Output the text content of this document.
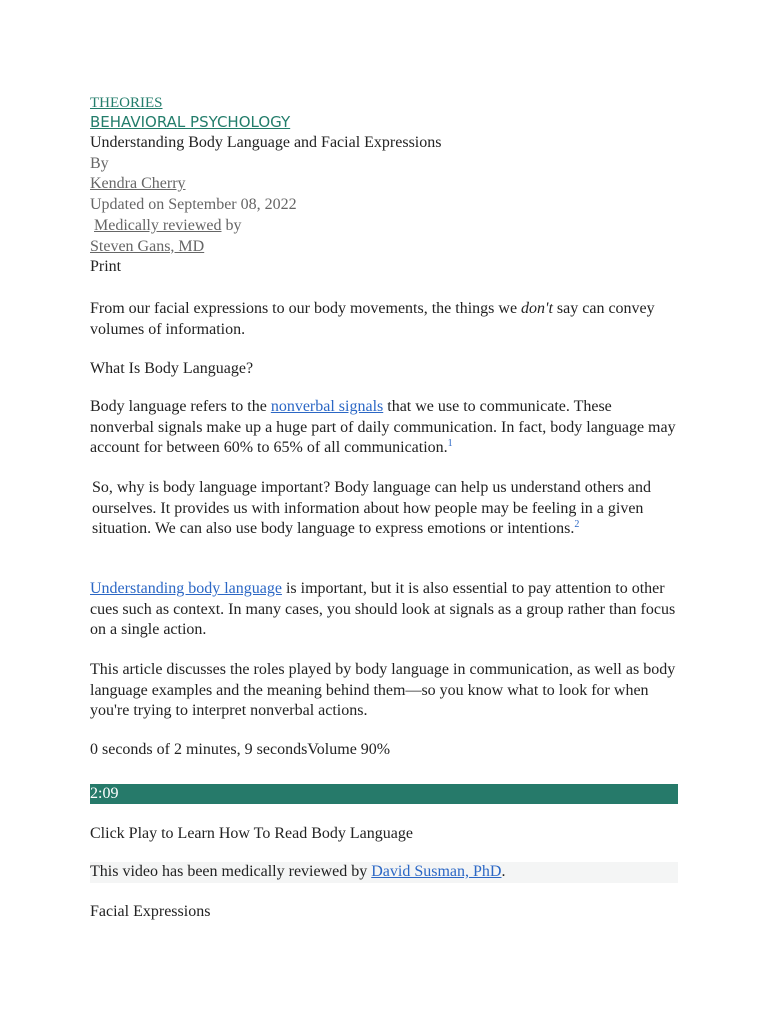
THEORIES
BEHAVIORAL PSYCHOLOGY
Understanding Body Language and Facial Expressions
By
Kendra Cherry
Updated on September 08, 2022
Medically reviewed by
Steven Gans, MD
Print

From our facial expressions to our body movements, the things we don't say can convey volumes of information.

What Is Body Language?

Body language refers to the nonverbal signals that we use to communicate. These nonverbal signals make up a huge part of daily communication. In fact, body language may account for between 60% to 65% of all communication.$^1$

So, why is body language important? Body language can help us understand others and ourselves. It provides us with information about how people may be feeling in a given situation. We can also use body language to express emotions or intentions.$^2$

Understanding body language is important, but it is also essential to pay attention to other cues such as context. In many cases, you should look at signals as a group rather than focus on a single action.

This article discusses the roles played by body language in communication, as well as body language examples and the meaning behind them—so you know what to look for when you're trying to interpret nonverbal actions.

0 seconds of 2 minutes, 9 secondsVolume 90%
2:09
Click Play to Learn How To Read Body Language

This video has been medically reviewed by David Susman, PhD.

Facial Expressions
